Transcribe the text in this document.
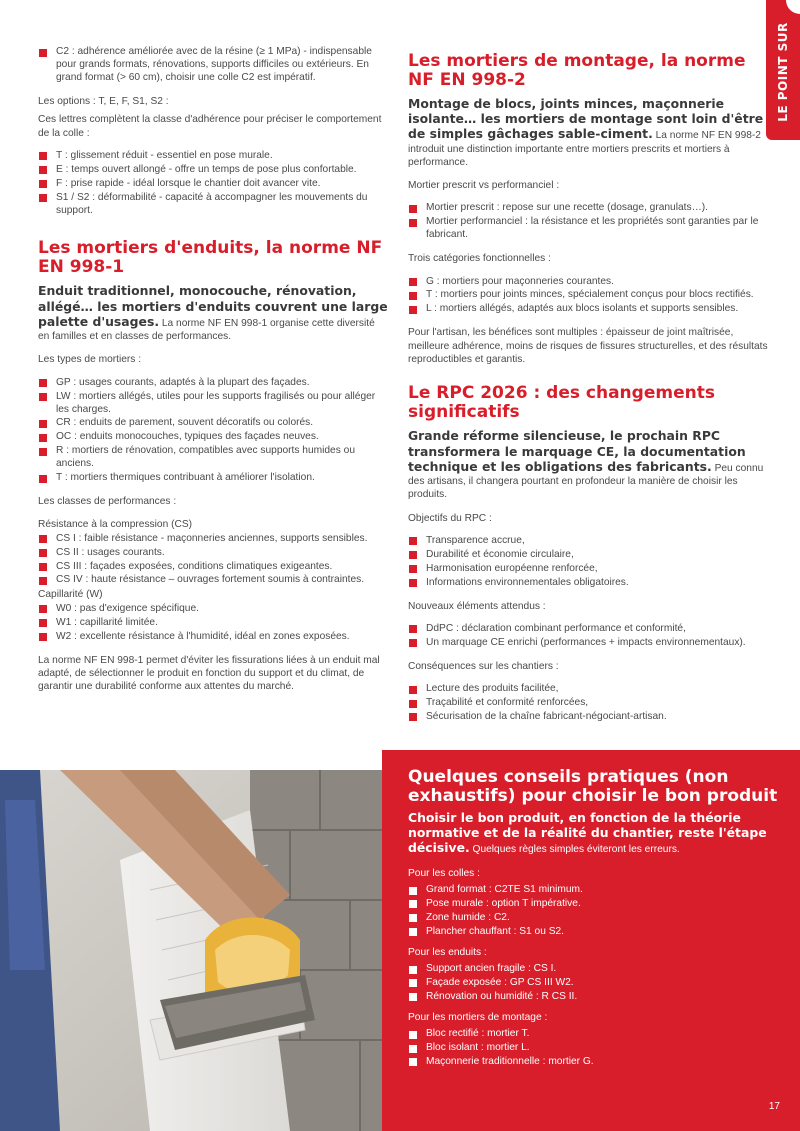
LE POINT SUR
C2 : adhérence améliorée avec de la résine (≥ 1 MPa) - indispensable pour grands formats, rénovations, supports difficiles ou extérieurs. En grand format (> 60 cm), choisir une colle C2 est impératif.

Les options : T, E, F, S1, S2 :

Ces lettres complètent la classe d'adhérence pour préciser le comportement de la colle :

T : glissement réduit - essentiel en pose murale.
E : temps ouvert allongé - offre un temps de pose plus confortable.
F : prise rapide - idéal lorsque le chantier doit avancer vite.
S1 / S2 : déformabilité - capacité à accompagner les mouvements du support.
Les mortiers d'enduits, la norme NF EN 998-1

Enduit traditionnel, monocouche, rénovation, allégé… les mortiers d'enduits couvrent une large palette d'usages. La norme NF EN 998-1 organise cette diversité en familles et en classes de performances.

Les types de mortiers :

GP : usages courants, adaptés à la plupart des façades.
LW : mortiers allégés, utiles pour les supports fragilisés ou pour alléger les charges.
CR : enduits de parement, souvent décoratifs ou colorés.
OC : enduits monocouches, typiques des façades neuves.
R : mortiers de rénovation, compatibles avec supports humides ou anciens.
T : mortiers thermiques contribuant à améliorer l'isolation.

Les classes de performances :

Résistance à la compression (CS)

CS I : faible résistance - maçonneries anciennes, supports sensibles.
CS II : usages courants.
CS III : façades exposées, conditions climatiques exigeantes.
CS IV : haute résistance – ouvrages fortement soumis à contraintes.

Capillarité (W)

W0 : pas d'exigence spécifique.
W1 : capillarité limitée.
W2 : excellente résistance à l'humidité, idéal en zones exposées.

La norme NF EN 998-1 permet d'éviter les fissurations liées à un enduit mal adapté, de sélectionner le produit en fonction du support et du climat, de garantir une durabilité conforme aux attentes du marché.

Les mortiers de montage, la norme NF EN 998-2

Montage de blocs, joints minces, maçonnerie isolante… les mortiers de montage sont loin d'être de simples gâchages sable-ciment. La norme NF EN 998-2 introduit une distinction importante entre mortiers prescrits et mortiers à performance.

Mortier prescrit vs performanciel :

Mortier prescrit : repose sur une recette (dosage, granulats…).
Mortier performanciel : la résistance et les propriétés sont garanties par le fabricant.

Trois catégories fonctionnelles :

G : mortiers pour maçonneries courantes.
T : mortiers pour joints minces, spécialement conçus pour blocs rectifiés.
L : mortiers allégés, adaptés aux blocs isolants et supports sensibles.

Pour l'artisan, les bénéfices sont multiples : épaisseur de joint maîtrisée, meilleure adhérence, moins de risques de fissures structurelles, et des résultats reproductibles et garantis.

Le RPC 2026 : des changements significatifs

Grande réforme silencieuse, le prochain RPC transformera le marquage CE, la documentation technique et les obligations des fabricants. Peu connu des artisans, il changera pourtant en profondeur la manière de choisir les produits.

Objectifs du RPC :

Transparence accrue,
Durabilité et économie circulaire,
Harmonisation européenne renforcée,
Informations environnementales obligatoires.

Nouveaux éléments attendus :

DdPC : déclaration combinant performance et conformité,
Un marquage CE enrichi (performances + impacts environnementaux).

Conséquences sur les chantiers :

Lecture des produits facilitée,
Traçabilité et conformité renforcées,
Sécurisation de la chaîne fabricant-négociant-artisan.
Quelques conseils pratiques (non exhaustifs) pour choisir le bon produit

Choisir le bon produit, en fonction de la théorie normative et de la réalité du chantier, reste l'étape décisive. Quelques règles simples éviteront les erreurs.

Pour les colles :

Grand format : C2TE S1 minimum.
Pose murale : option T impérative.
Zone humide : C2.
Plancher chauffant : S1 ou S2.

Pour les enduits :

Support ancien fragile : CS I.
Façade exposée : GP CS III W2.
Rénovation ou humidité : R CS II.

Pour les mortiers de montage :

Bloc rectifié : mortier T.
Bloc isolant : mortier L.
Maçonnerie traditionnelle : mortier G.
17
